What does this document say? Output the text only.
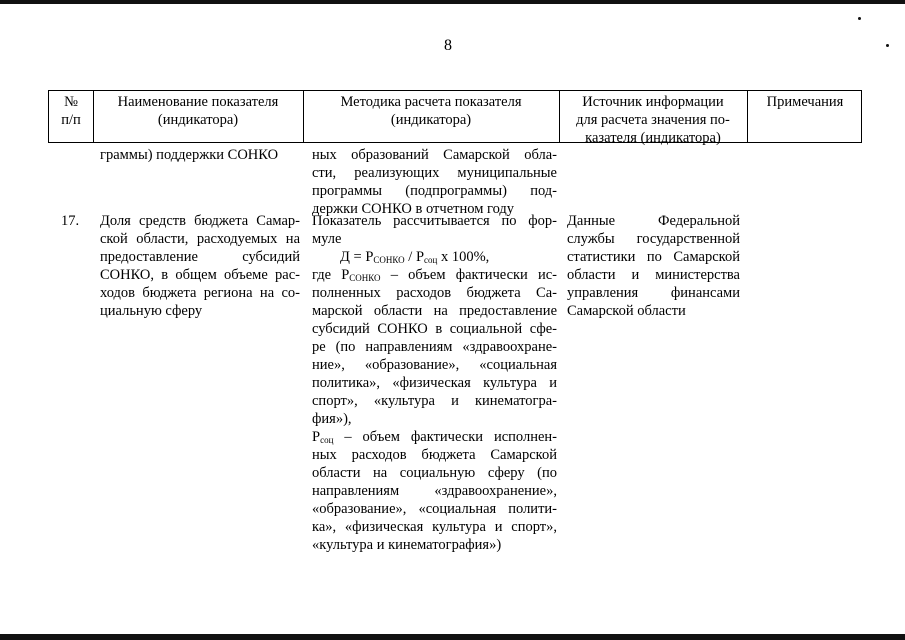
8
№
п/п
Наименование показателя
(индикатора)
Методика расчета показателя
(индикатора)
Источник информации
для расчета значения по-
казателя (индикатора)
Примечания
граммы) поддержки СОНКО	ных образований Самарской обла-
сти, реализующих муниципальные
программы (подпрограммы) под-
держки СОНКО в отчетном году
17.	Доля средств бюджета Самар-
ской области, расходуемых на
предоставление субсидий
СОНКО, в общем объеме рас-
ходов бюджета региона на со-
циальную сферу
Показатель рассчитывается по фор-
муле
$Д = Р_{СОНКО} / Р_{соц}$ х 100%,
где $Р_{СОНКО}$ – объем фактически ис-
полненных расходов бюджета Са-
марской области на предоставление
субсидий СОНКО в социальной сфе-
ре (по направлениям «здравоохране-
ние», «образование», «социальная
политика», «физическая культура и
спорт», «культура и кинематогра-
фия»),
$Р_{соц}$ – объем фактически исполнен-
ных расходов бюджета Самарской
области на социальную сферу (по
направлениям «здравоохранение»,
«образование», «социальная полити-
ка», «физическая культура и спорт»,
«культура и кинематография»)
Данные Федеральной
службы государственной
статистики по Самарской
области и министерства
управления финансами
Самарской области
